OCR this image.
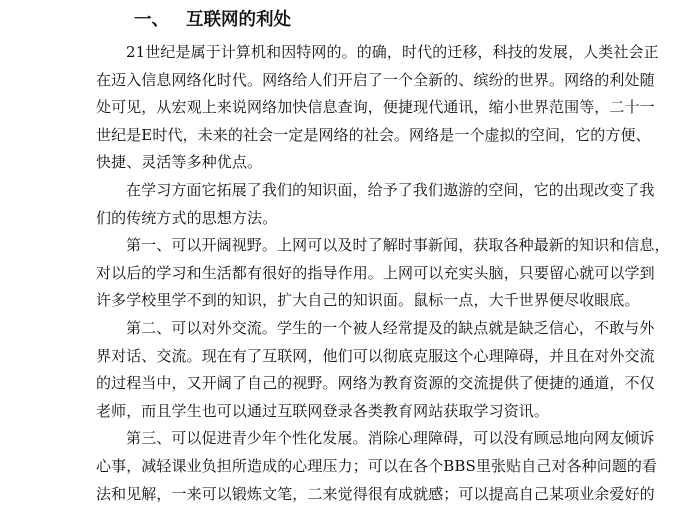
一、 互联网的利处

21世纪是属于计算机和因特网的。的确，时代的迁移，科技的发展，人类社会正

在迈入信息网络化时代。网络给人们开启了一个全新的、缤纷的世界。网络的利处随

处可见，从宏观上来说网络加快信息查询，便捷现代通讯，缩小世界范围等，二十一

世纪是E时代，未来的社会一定是网络的社会。网络是一个虚拟的空间，它的方便、

快捷、灵活等多种优点。

在学习方面它拓展了我们的知识面，给予了我们遨游的空间，它的出现改变了我

们的传统方式的思想方法。

第一、可以开阔视野。上网可以及时了解时事新闻，获取各种最新的知识和信息，

对以后的学习和生活都有很好的指导作用。上网可以充实头脑，只要留心就可以学到

许多学校里学不到的知识，扩大自己的知识面。鼠标一点，大千世界便尽收眼底。

第二、可以对外交流。学生的一个被人经常提及的缺点就是缺乏信心，不敢与外

界对话、交流。现在有了互联网，他们可以彻底克服这个心理障碍，并且在对外交流

的过程当中，又开阔了自己的视野。网络为教育资源的交流提供了便捷的通道，不仅

老师，而且学生也可以通过互联网登录各类教育网站获取学习资讯。

第三、可以促进青少年个性化发展。消除心理障碍，可以没有顾忌地向网友倾诉

心事，减轻课业负担所造成的心理压力；可以在各个BBS里张贴自己对各种问题的看

法和见解，一来可以锻炼文笔，二来觉得很有成就感；可以提高自己某项业余爱好的
